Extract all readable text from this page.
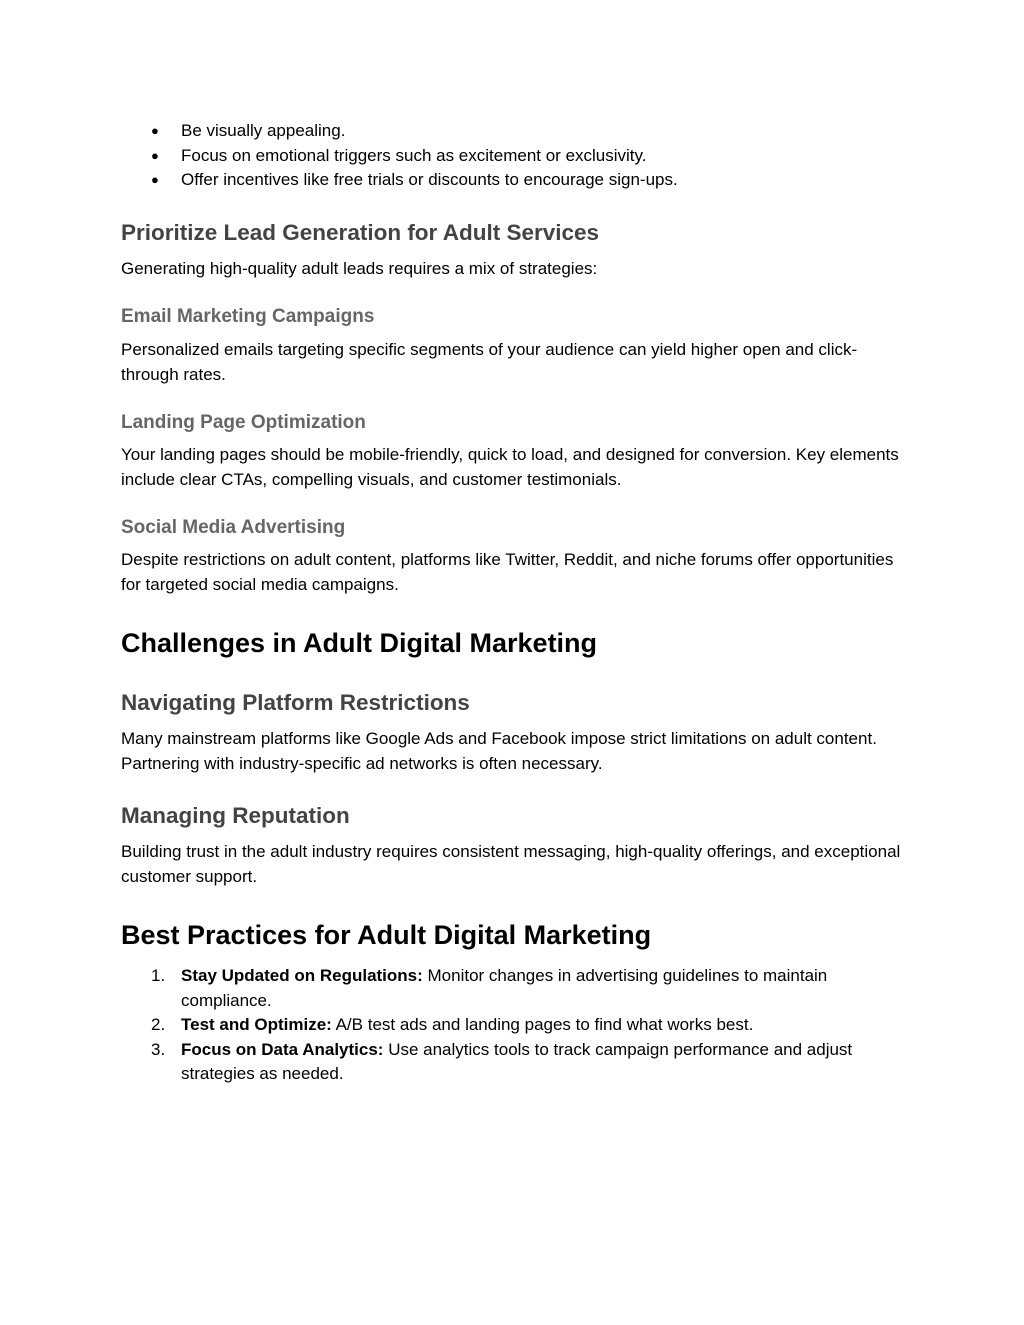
● Be visually appealing.
● Focus on emotional triggers such as excitement or exclusivity.
● Offer incentives like free trials or discounts to encourage sign-ups.
Prioritize Lead Generation for Adult Services

Generating high-quality adult leads requires a mix of strategies:

Email Marketing Campaigns

Personalized emails targeting specific segments of your audience can yield higher open and click-through rates.

Landing Page Optimization

Your landing pages should be mobile-friendly, quick to load, and designed for conversion. Key elements include clear CTAs, compelling visuals, and customer testimonials.

Social Media Advertising

Despite restrictions on adult content, platforms like Twitter, Reddit, and niche forums offer opportunities for targeted social media campaigns.

Challenges in Adult Digital Marketing
Navigating Platform Restrictions

Many mainstream platforms like Google Ads and Facebook impose strict limitations on adult content. Partnering with industry-specific ad networks is often necessary.

Managing Reputation

Building trust in the adult industry requires consistent messaging, high-quality offerings, and exceptional customer support.

Best Practices for Adult Digital Marketing
1. Stay Updated on Regulations: Monitor changes in advertising guidelines to maintain compliance.
2. Test and Optimize: A/B test ads and landing pages to find what works best.
3. Focus on Data Analytics: Use analytics tools to track campaign performance and adjust strategies as needed.
